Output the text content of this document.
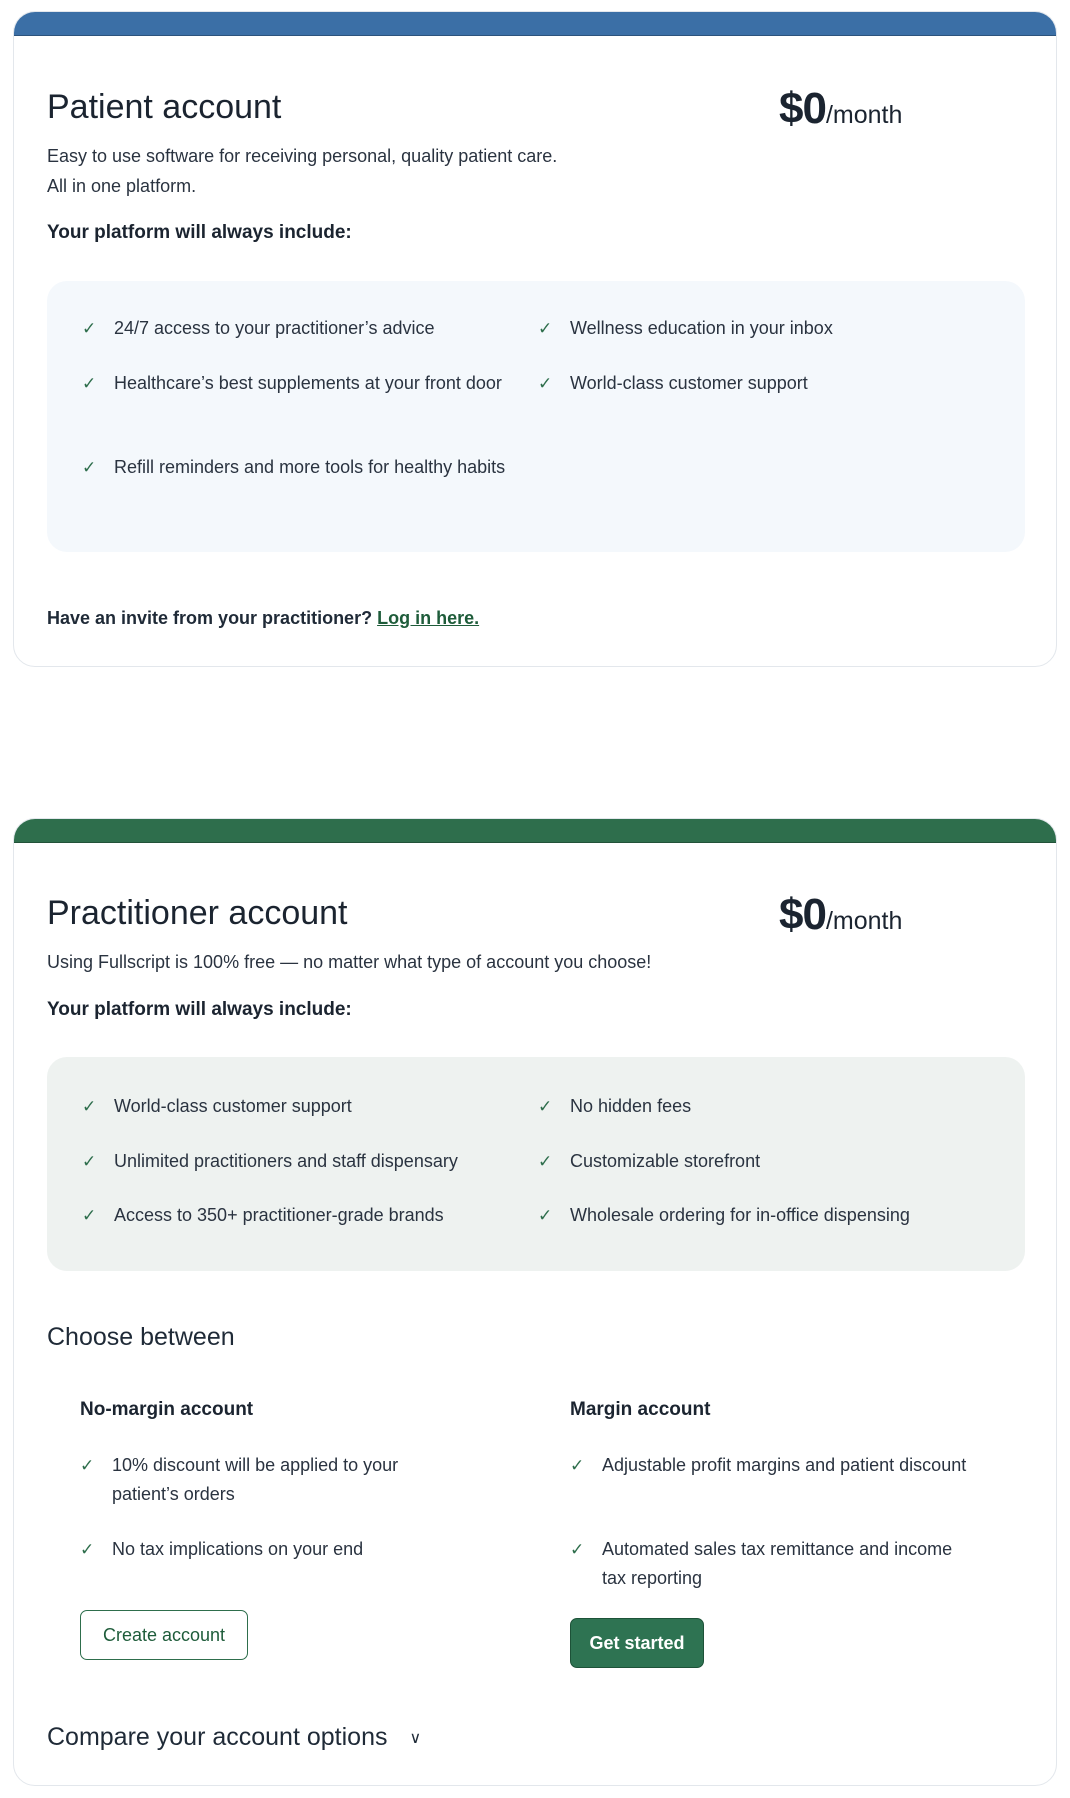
Patient account	$0/month
Easy to use software for receiving personal, quality patient care.
All in one platform.
Your platform will always include:
✓ 24/7 access to your practitioner’s advice
✓ Healthcare’s best supplements at your front door
✓ Refill reminders and more tools for healthy habits
✓ Wellness education in your inbox
✓ World-class customer support
Have an invite from your practitioner? Log in here.
Practitioner account	$0/month
Using Fullscript is 100% free — no matter what type of account you choose!
Your platform will always include:
✓ World-class customer support
✓ Unlimited practitioners and staff dispensary
✓ Access to 350+ practitioner-grade brands
✓ No hidden fees
✓ Customizable storefront
✓ Wholesale ordering for in-office dispensing
Choose between
No-margin account
✓ 10% discount will be applied to your patient’s orders
✓ No tax implications on your end
Create account
Margin account
✓ Adjustable profit margins and patient discount
✓ Automated sales tax remittance and income tax reporting
Get started
Compare your account options ∨
